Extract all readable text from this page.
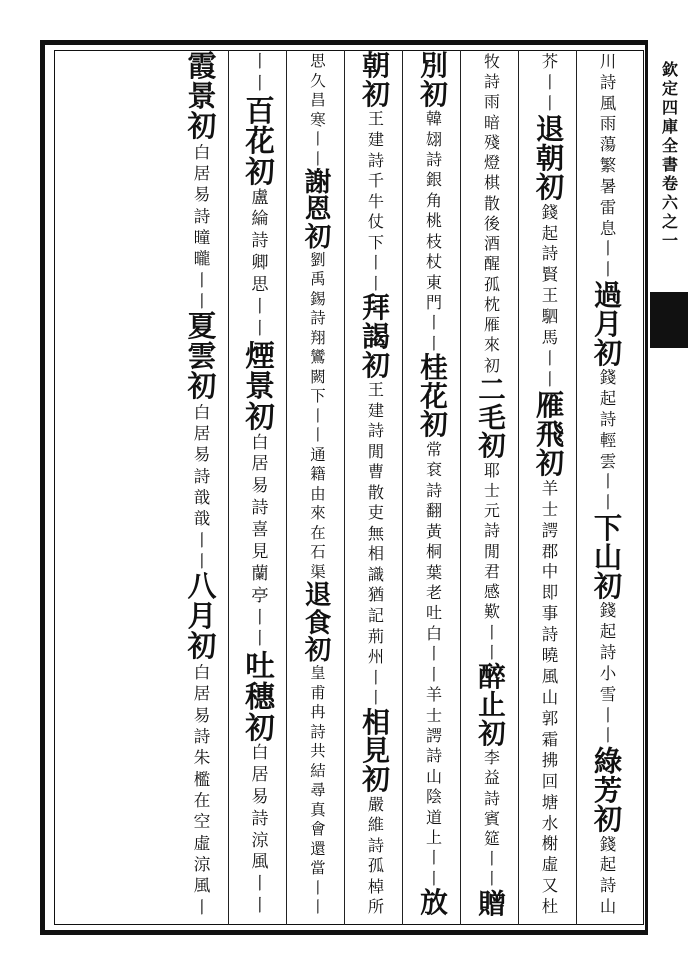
欽定四庫全書 卷六之一
川詩風雨蕩繁暑雷息丨丨
過月初
錢起詩輕雲丨丨
下山初
錢起詩小雪丨丨
綠芳初
錢起詩山
芥丨丨
退朝初
錢起詩賢王駟馬丨丨
雁飛初
羊士諤郡中即事詩曉風山郭霜拂回塘水榭虛又杜
牧詩雨暗殘燈棋散後酒醒孤枕雁來初
二毛初
耶士元詩閒君感歎丨丨
醉止初
李益詩賓筵丨丨
贈
別初
韓翃詩銀角桃枝杖東門丨丨
桂花初
常袞詩翻黃桐葉老吐白丨丨羊士諤詩山陰道上丨丨
放
朝初
王建詩千牛仗下丨丨
拜謁初
王建詩閒曹散吏無相識猶記荊州丨丨
相見初
嚴維詩孤棹所
思久昌寒丨丨
謝恩初
劉禹錫詩翔鸞闕下丨丨通籍由來在石渠
退食初
皇甫冉詩共結尋真會還當丨丨
丨丨
百花初
盧綸詩卿思丨丨
煙景初
白居易詩喜見蘭亭丨丨
吐穗初
白居易詩涼風丨丨
霞景初
白居易詩曈曨丨丨
夏雲初
白居易詩戠戠丨丨
八月初
白居易詩朱檻在空虛涼風丨
